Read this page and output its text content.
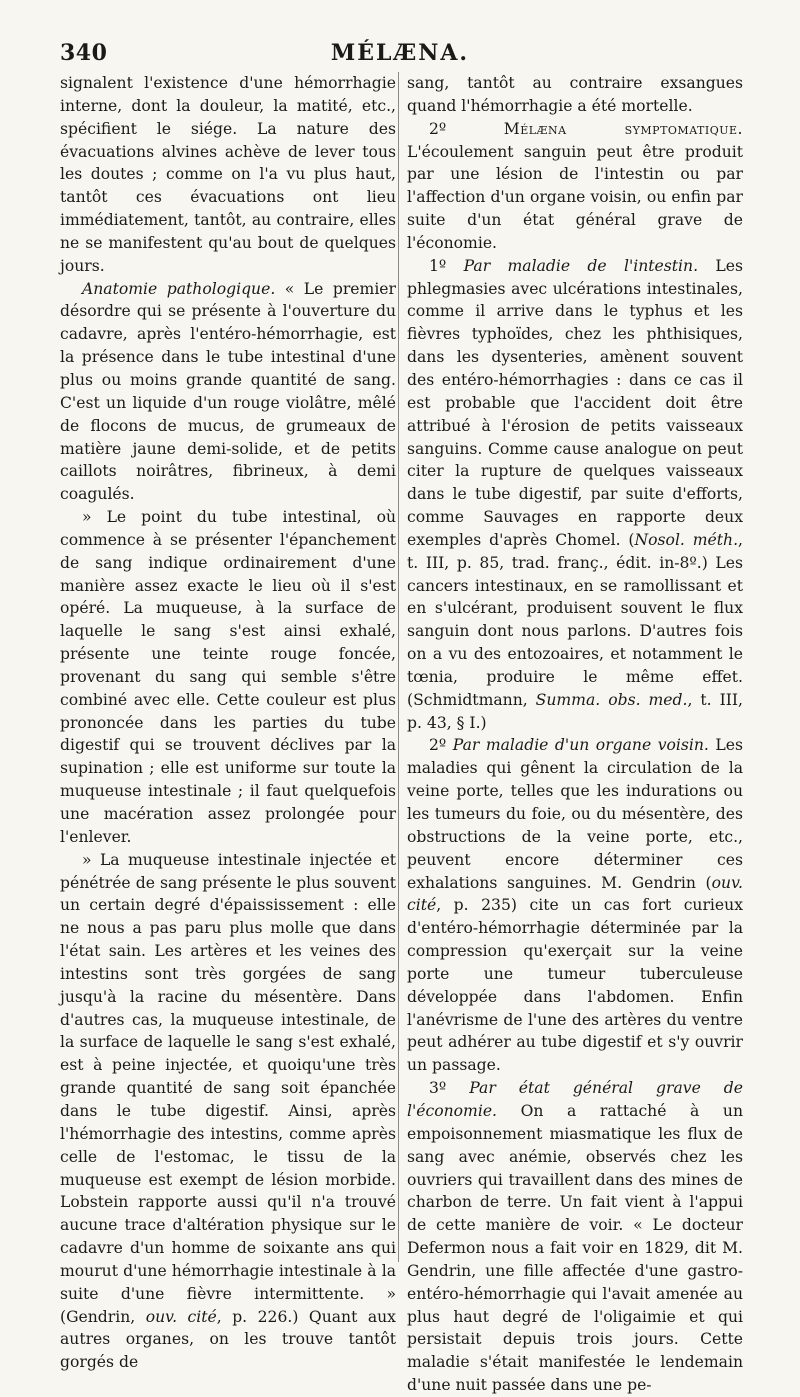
340	MÉLÆNA.

signalent l'existence d'une hémorrhagie interne, dont la douleur, la matité, etc., spécifient le siége. La nature des évacuations alvines achève de lever tous les doutes ; comme on l'a vu plus haut, tantôt ces évacuations ont lieu immédiatement, tantôt, au contraire, elles ne se manifestent qu'au bout de quelques jours.

Anatomie pathologique. « Le premier désordre qui se présente à l'ouverture du cadavre, après l'entéro-hémorrhagie, est la présence dans le tube intestinal d'une plus ou moins grande quantité de sang. C'est un liquide d'un rouge violâtre, mêlé de flocons de mucus, de grumeaux de matière jaune demi-solide, et de petits caillots noirâtres, fibrineux, à demi coagulés.

» Le point du tube intestinal, où commence à se présenter l'épanchement de sang indique ordinairement d'une manière assez exacte le lieu où il s'est opéré. La muqueuse, à la surface de laquelle le sang s'est ainsi exhalé, présente une teinte rouge foncée, provenant du sang qui semble s'être combiné avec elle. Cette couleur est plus prononcée dans les parties du tube digestif qui se trouvent déclives par la supination ; elle est uniforme sur toute la muqueuse intestinale ; il faut quelquefois une macération assez prolongée pour l'enlever.

» La muqueuse intestinale injectée et pénétrée de sang présente le plus souvent un certain degré d'épaississement : elle ne nous a pas paru plus molle que dans l'état sain. Les artères et les veines des intestins sont très gorgées de sang jusqu'à la racine du mésentère. Dans d'autres cas, la muqueuse intestinale, de la surface de laquelle le sang s'est exhalé, est à peine injectée, et quoiqu'une très grande quantité de sang soit épanchée dans le tube digestif. Ainsi, après l'hémorrhagie des intestins, comme après celle de l'estomac, le tissu de la muqueuse est exempt de lésion morbide. Lobstein rapporte aussi qu'il n'a trouvé aucune trace d'altération physique sur le cadavre d'un homme de soixante ans qui mourut d'une hémorrhagie intestinale à la suite d'une fièvre intermittente. » (Gendrin, ouv. cité, p. 226.) Quant aux autres organes, on les trouve tantôt gorgés de

sang, tantôt au contraire exsangues quand l'hémorrhagie a été mortelle.

2º Mélæna symptomatique. L'écoulement sanguin peut être produit par une lésion de l'intestin ou par l'affection d'un organe voisin, ou enfin par suite d'un état général grave de l'économie.

1º Par maladie de l'intestin. Les phlegmasies avec ulcérations intestinales, comme il arrive dans le typhus et les fièvres typhoïdes, chez les phthisiques, dans les dysenteries, amènent souvent des entéro-hémorrhagies : dans ce cas il est probable que l'accident doit être attribué à l'érosion de petits vaisseaux sanguins. Comme cause analogue on peut citer la rupture de quelques vaisseaux dans le tube digestif, par suite d'efforts, comme Sauvages en rapporte deux exemples d'après Chomel. (Nosol. méth., t. III, p. 85, trad. franç., édit. in-8º.) Les cancers intestinaux, en se ramollissant et en s'ulcérant, produisent souvent le flux sanguin dont nous parlons. D'autres fois on a vu des entozoaires, et notamment le tœnia, produire le même effet. (Schmidtmann, Summa. obs. med., t. III, p. 43, § I.)

2º Par maladie d'un organe voisin. Les maladies qui gênent la circulation de la veine porte, telles que les indurations ou les tumeurs du foie, ou du mésentère, des obstructions de la veine porte, etc., peuvent encore déterminer ces exhalations sanguines. M. Gendrin (ouv. cité, p. 235) cite un cas fort curieux d'entéro-hémorrhagie déterminée par la compression qu'exerçait sur la veine porte une tumeur tuberculeuse développée dans l'abdomen. Enfin l'anévrisme de l'une des artères du ventre peut adhérer au tube digestif et s'y ouvrir un passage.

3º Par état général grave de l'économie. On a rattaché à un empoisonnement miasmatique les flux de sang avec anémie, observés chez les ouvriers qui travaillent dans des mines de charbon de terre. Un fait vient à l'appui de cette manière de voir. « Le docteur Defermon nous a fait voir en 1829, dit M. Gendrin, une fille affectée d'une gastro-entéro-hémorrhagie qui l'avait amenée au plus haut degré de l'oligaimie et qui persistait depuis trois jours. Cette maladie s'était manifestée le lendemain d'une nuit passée dans une pe-
